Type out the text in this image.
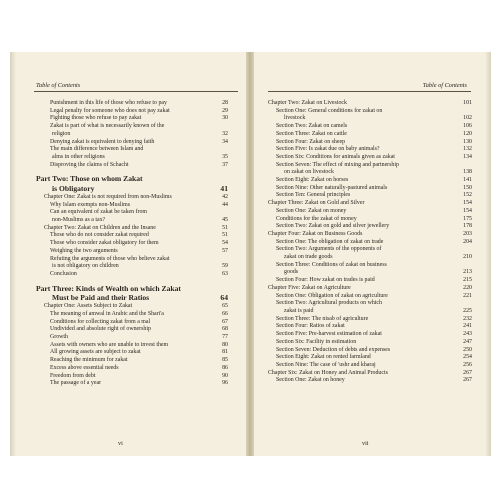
Table of Contents
Punishment in this life of those who refuse to pay	28
Legal penalty for someone who does not pay zakat	29
Fighting those who refuse to pay zakat	30
Zakat is part of what is necessarily known of the
religion	32
Denying zakat is equivalent to denying faith	34
The main difference between Islam and
alms in other religions	35
Disproving the claims of Schacht	37
Part Two: Those on whom Zakat
is Obligatory	41
Chapter One: Zakat is not required from non-Muslims	42
Why Islam exempts non-Muslims	44
Can an equivalent of zakat be taken from
non-Muslims as a tax?	45
Chapter Two: Zakat on Children and the Insane	51
Those who do not consider zakat required	51
Those who consider zakat obligatory for them	54
Weighing the two arguments	57
Refuting the arguments of those who believe zakat
is not obligatory on children	59
Conclusion	63
Part Three: Kinds of Wealth on which Zakat
Must be Paid and their Ratios	64
Chapter One: Assets Subject to Zakat	65
The meaning of amwal in Arabic and the Shari'a	66
Conditions for collecting zakat from a mal	67
Undivided and absolute right of ownership	68
Growth	77
Assets with owners who are unable to invest them	80
All growing assets are subject to zakat	81
Reaching the minimum for zakat	85
Excess above essential needs	86
Freedom from debt	90
The passage of a year	96
vi
Table of Contents
Chapter Two: Zakat on Livestock	101
Section One: General conditions for zakat on
livestock	102
Section Two: Zakat on camels	106
Section Three: Zakat on cattle	120
Section Four: Zakat on sheep	130
Section Five: Is zakat due on baby animals?	132
Section Six: Conditions for animals given as zakat	134
Section Seven: The effect of mixing and partnership
on zakat on livestock	138
Section Eight: Zakat on horses	141
Section Nine: Other naturally-pastured animals	150
Section Ten: General principles	152
Chapter Three: Zakat on Gold and Silver	154
Section One: Zakat on money	154
Conditions for the zakat of money	175
Section Two: Zakat on gold and silver jewellery	178
Chapter Four: Zakat on Business Goods	203
Section One: The obligation of zakat on trade	204
Section Two: Arguments of the opponents of
zakat on trade goods	210
Section Three: Conditions of zakat on business
goods	213
Section Four: How zakat on trades is paid	215
Chapter Five: Zakat on Agriculture	220
Section One: Obligation of zakat on agriculture	221
Section Two: Agricultural products on which
zakat is paid	225
Section Three: The nisab of agriculture	232
Section Four: Ratios of zakat	241
Section Five: Pre-harvest estimation of zakat	243
Section Six: Facility in estimation	247
Section Seven: Deduction of debts and expenses	250
Section Eight: Zakat on rented farmland	254
Section Nine: The case of 'ushr and kharaj	256
Chapter Six: Zakat on Honey and Animal Products	267
Section One: Zakat on honey	267
vii
